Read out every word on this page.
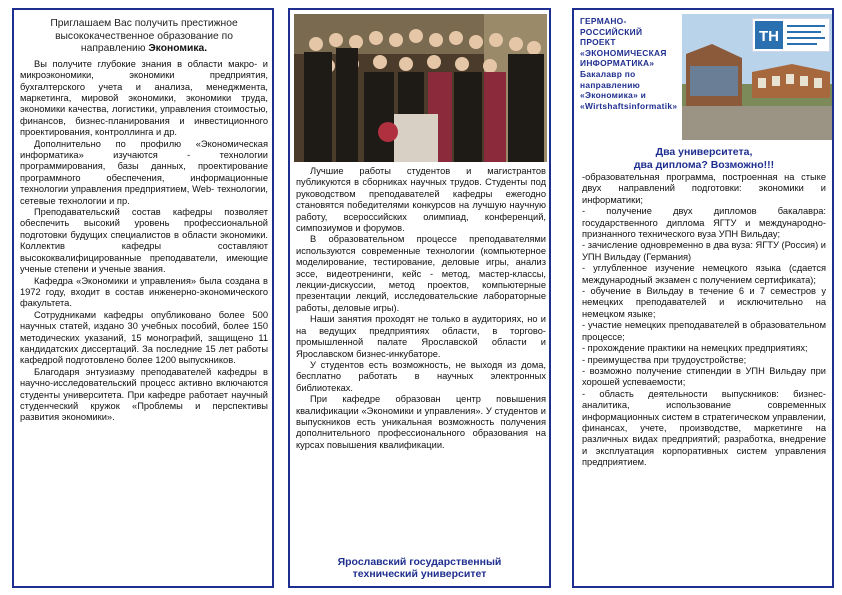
Приглашаем Вас получить престижное
высококачественное образование по
направлению Экономика.

Вы получите глубокие знания в области макро- и микроэкономики, экономики предприятия, бухгалтерского учета и анализа, менеджмента, маркетинга, мировой экономики, экономики труда, экономики качества, логистики, управления стоимостью, финансов, бизнес-планирования и инвестиционного проектирования, контроллинга и др.

Дополнительно по профилю «Экономическая информатика» изучаются - технологии программирования, базы данных, проектирование программного обеспечения, информационные технологии управления предприятием, Web- технологии, сетевые технологии и пр.

Преподавательский состав кафедры позволяет обеспечить высокий уровень профессиональной подготовки будущих специалистов в области экономики. Коллектив кафедры составляют высококвалифицированные преподаватели, имеющие ученые степени и ученые звания.

Кафедра «Экономики и управления» была создана в 1972 году, входит в состав инженерно-экономического факультета.

Сотрудниками кафедры опубликовано более 500 научных статей, издано 30 учебных пособий, более 150 методических указаний, 15 монографий, защищено 11 кандидатских диссертаций. За последние 15 лет работы кафедрой подготовлено более 1200 выпускников.

Благодаря энтузиазму преподавателей кафедры в научно-исследовательский процесс активно включаются студенты университета. При кафедре работает научный студенческий кружок «Проблемы и перспективы развития экономики».

Лучшие работы студентов и магистрантов публикуются в сборниках научных трудов. Студенты под руководством преподавателей кафедры ежегодно становятся победителями конкурсов на лучшую научную работу, всероссийских олимпиад, конференций, симпозиумов и форумов.

В образовательном процессе преподавателями используются современные технологии (компьютерное моделирование, тестирование, деловые игры, анализ эссе, видеотренинги, кейс - метод, мастер-классы, лекции-дискуссии, метод проектов, компьютерные презентации лекций, исследовательские лабораторные работы, деловые игры).

Наши занятия проходят не только в аудиториях, но и на ведущих предприятиях области, в торгово-промышленной палате Ярославской области и Ярославском бизнес-инкубаторе.

У студентов есть возможность, не выходя из дома, бесплатно работать в научных электронных библиотеках.

При кафедре образован центр повышения квалификации «Экономики и управления». У студентов и выпускников есть уникальная возможность получения дополнительного профессионального образования на курсах повышения квалификации.

Ярославский государственный
технический университет
ГЕРМАНО-
РОССИЙСКИЙ
ПРОЕКТ
«ЭКОНОМИЧЕСКАЯ
ИНФОРМАТИКА»
Бакалавр по
направлению
«Экономика» и
«Wirtshaftsinformatik»
TH

Два университета,
два диплома? Возможно!!!

-образовательная программа, построенная на стыке двух направлений подготовки: экономики и информатики;

- получение двух дипломов бакалавра: государственного диплома ЯГТУ и международно-признанного технического вуза УПН Вильдау;

- зачисление одновременно в два вуза: ЯГТУ (Россия) и УПН Вильдау (Германия)

- углубленное изучение немецкого языка (сдается международный экзамен с получением сертификата);

- обучение в Вильдау в течение 6 и 7 семестров у немецких преподавателей и исключительно на немецком языке;

- участие немецких преподавателей в образовательном процессе;

- прохождение практики на немецких предприятиях;

- преимущества при трудоустройстве;

- возможно получение стипендии в УПН Вильдау при хорошей успеваемости;

- область деятельности выпускников: бизнес-аналитика, использование современных информационных систем в стратегическом управлении, финансах, учете, производстве, маркетинге на различных видах предприятий; разработка, внедрение и эксплуатация корпоративных систем управления предприятием.
